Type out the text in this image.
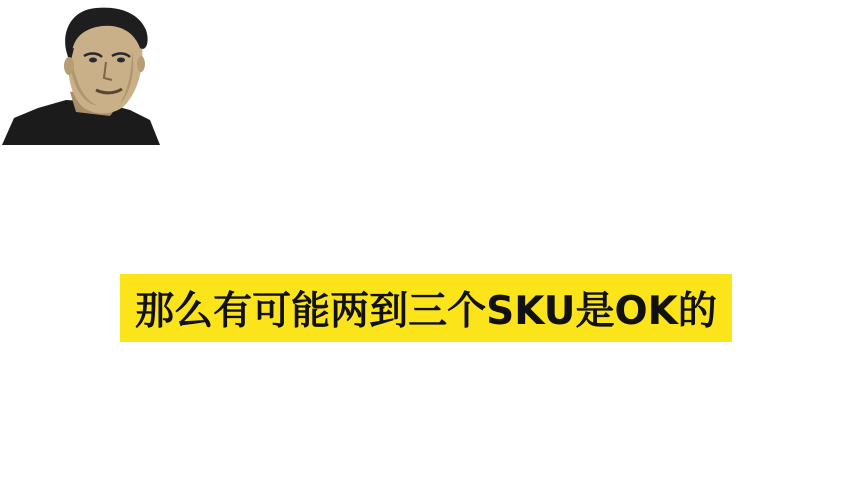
那么有可能两到三个SKU是OK的
